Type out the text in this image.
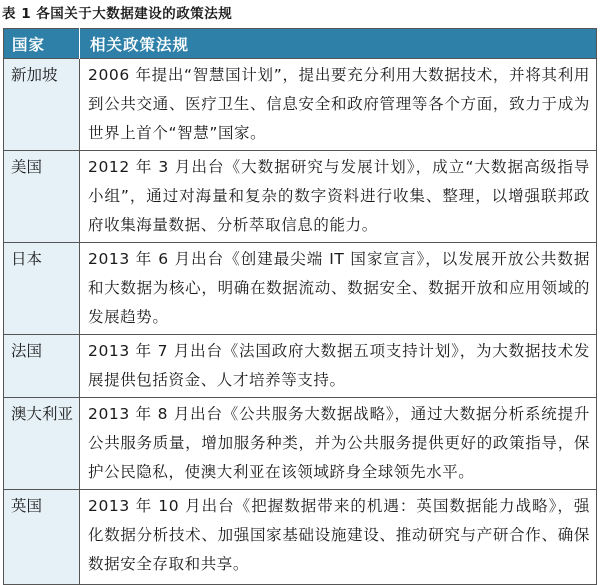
表 1 各国关于大数据建设的政策法规
国家	相关政策法规
新加坡	2006 年提出“智慧国计划”，提出要充分利用大数据技术，并将其利用到公共交通、医疗卫生、信息安全和政府管理等各个方面，致力于成为世界上首个“智慧”国家。
美国	2012 年 3 月出台《大数据研究与发展计划》，成立“大数据高级指导小组”，通过对海量和复杂的数字资料进行收集、整理，以增强联邦政府收集海量数据、分析萃取信息的能力。
日本	2013 年 6 月出台《创建最尖端 IT 国家宣言》，以发展开放公共数据和大数据为核心，明确在数据流动、数据安全、数据开放和应用领域的发展趋势。
法国	2013 年 7 月出台《法国政府大数据五项支持计划》，为大数据技术发展提供包括资金、人才培养等支持。
澳大利亚	2013 年 8 月出台《公共服务大数据战略》，通过大数据分析系统提升公共服务质量，增加服务种类，并为公共服务提供更好的政策指导，保护公民隐私，使澳大利亚在该领域跻身全球领先水平。
英国	2013 年 10 月出台《把握数据带来的机遇：英国数据能力战略》，强化数据分析技术、加强国家基础设施建设、推动研究与产研合作、确保数据安全存取和共享。
